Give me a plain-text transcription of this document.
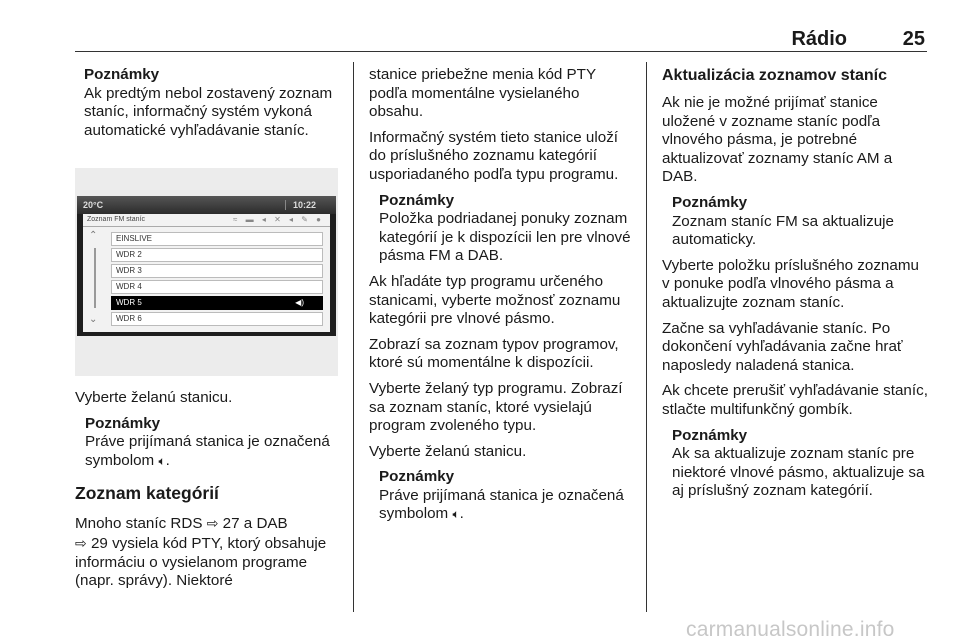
Rádio	25
Poznámky
Ak predtým nebol zostavený zoznam staníc, informačný systém vykoná automatické vyhľadávanie staníc.
20°C	10:22
Zoznam FM staníc	≈ ▬ ◂ ✕ ◂ ✎ ●
⌃
⌄
EINSLIVE
WDR 2
WDR 3
WDR 4
WDR 5	◀)
WDR 6

Vyberte želanú stanicu.

Poznámky
Práve prijímaná stanica je označená symbolom 🔈︎.
Zoznam kategórií

Mnoho staníc RDS ⇨ 27 a DAB
⇨ 29 vysiela kód PTY, ktorý obsahuje informáciu o vysielanom programe (napr. správy). Niektoré

stanice priebežne menia kód PTY podľa momentálne vysielaného obsahu.

Informačný systém tieto stanice uloží do príslušného zoznamu kategórií usporiadaného podľa typu programu.

Poznámky
Položka podriadanej ponuky zoznam kategórií je k dispozícii len pre vlnové pásma FM a DAB.

Ak hľadáte typ programu určeného stanicami, vyberte možnosť zoznamu kategórii pre vlnové pásmo.

Zobrazí sa zoznam typov programov, ktoré sú momentálne k dispozícii.

Vyberte želaný typ programu. Zobrazí sa zoznam staníc, ktoré vysielajú program zvoleného typu.

Vyberte želanú stanicu.

Poznámky
Práve prijímaná stanica je označená symbolom 🔈︎.
Aktualizácia zoznamov staníc

Ak nie je možné prijímať stanice uložené v zozname staníc podľa vlnového pásma, je potrebné aktualizovať zoznamy staníc AM a DAB.

Poznámky
Zoznam staníc FM sa aktualizuje automaticky.

Vyberte položku príslušného zoznamu v ponuke podľa vlnového pásma a aktualizujte zoznam staníc.

Začne sa vyhľadávanie staníc. Po dokončení vyhľadávania začne hrať naposledy naladená stanica.

Ak chcete prerušiť vyhľadávanie staníc, stlačte multifunkčný gombík.

Poznámky
Ak sa aktualizuje zoznam staníc pre niektoré vlnové pásmo, aktualizuje sa aj príslušný zoznam kategórií.
carmanualsonline.info
